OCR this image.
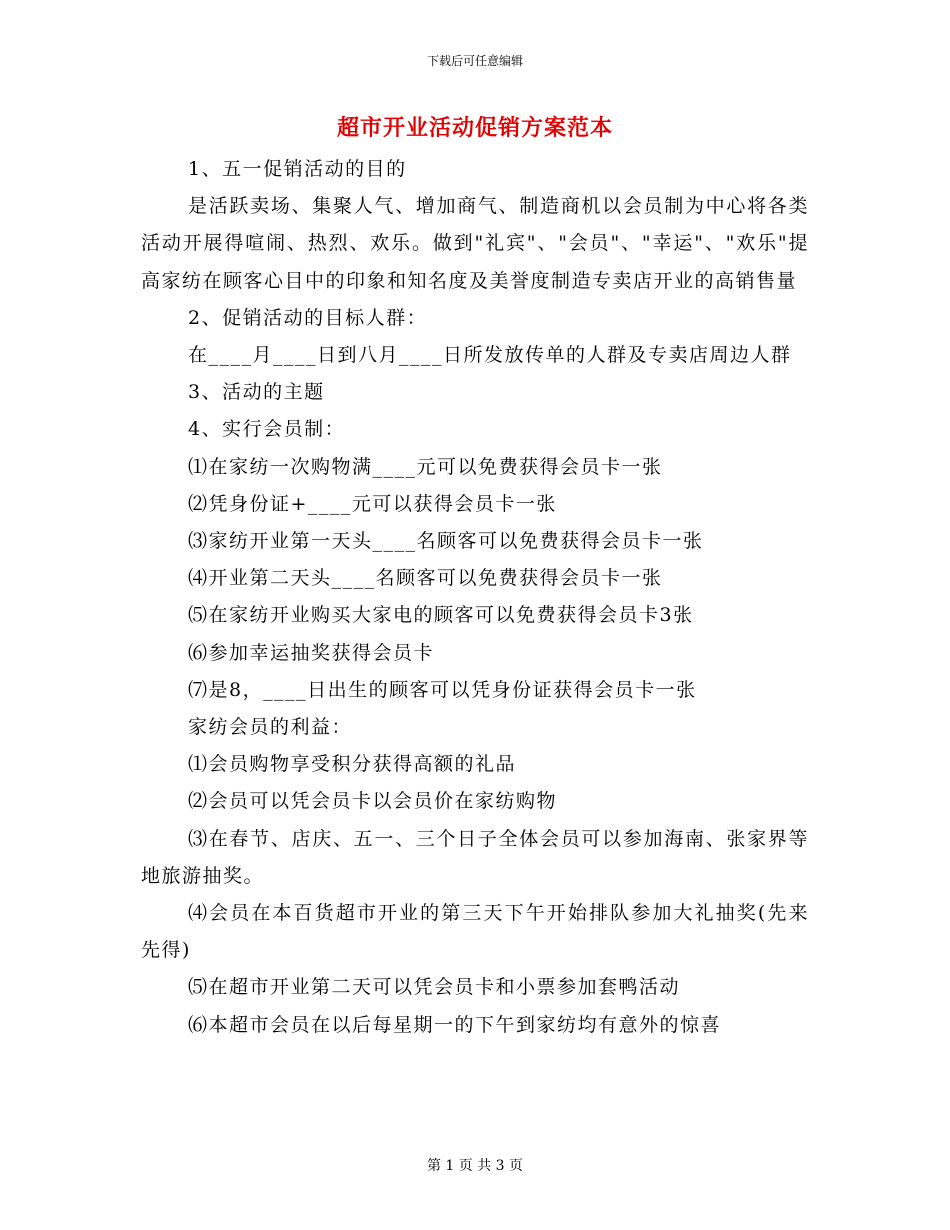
下载后可任意编辑
超市开业活动促销方案范本

1、五一促销活动的目的

是活跃卖场、集聚人气、增加商气、制造商机以会员制为中心将各类活动开展得喧闹、热烈、欢乐。做到"礼宾"、"会员"、"幸运"、"欢乐"提高家纺在顾客心目中的印象和知名度及美誉度制造专卖店开业的高销售量

2、促销活动的目标人群：

在____月____日到八月____日所发放传单的人群及专卖店周边人群

3、活动的主题

4、实行会员制：

⑴在家纺一次购物满____元可以免费获得会员卡一张

⑵凭身份证+____元可以获得会员卡一张

⑶家纺开业第一天头____名顾客可以免费获得会员卡一张

⑷开业第二天头____名顾客可以免费获得会员卡一张

⑸在家纺开业购买大家电的顾客可以免费获得会员卡3张

⑹参加幸运抽奖获得会员卡

⑺是8，____日出生的顾客可以凭身份证获得会员卡一张

家纺会员的利益：

⑴会员购物享受积分获得高额的礼品

⑵会员可以凭会员卡以会员价在家纺购物

⑶在春节、店庆、五一、三个日子全体会员可以参加海南、张家界等地旅游抽奖。

⑷会员在本百货超市开业的第三天下午开始排队参加大礼抽奖(先来先得)

⑸在超市开业第二天可以凭会员卡和小票参加套鸭活动

⑹本超市会员在以后每星期一的下午到家纺均有意外的惊喜

第 1 页 共 3 页
